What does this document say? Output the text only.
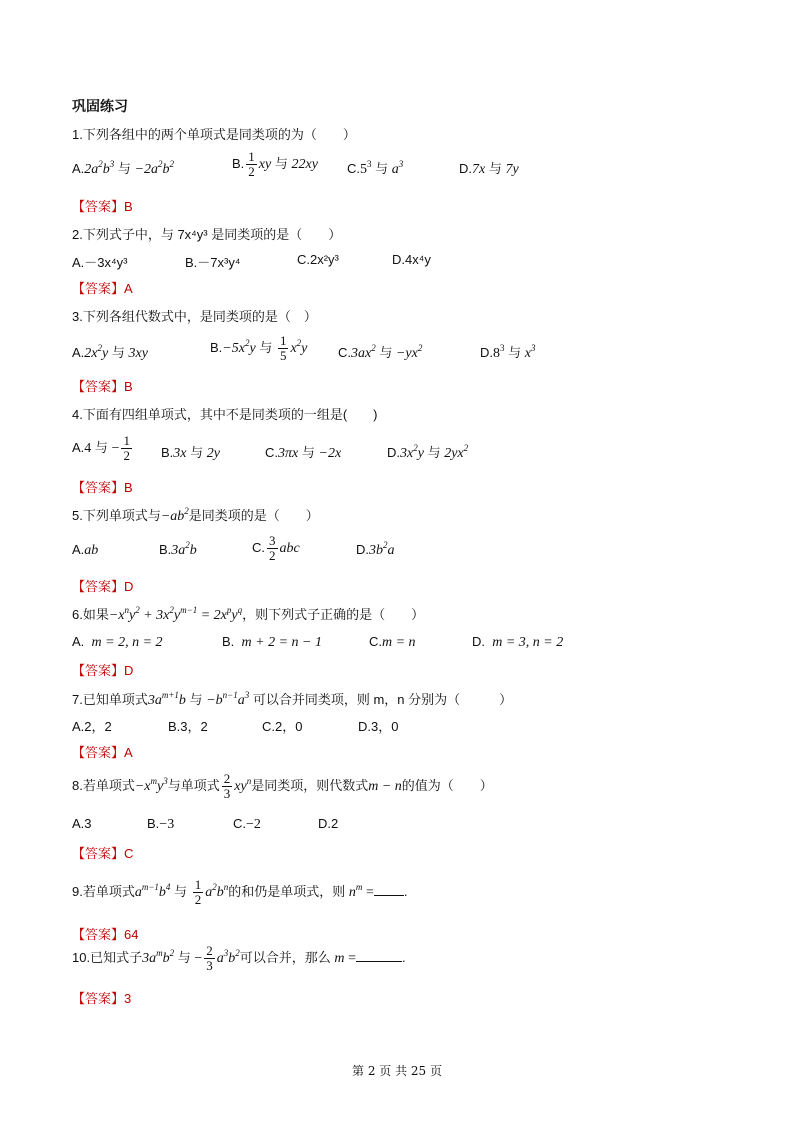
巩固练习
1.下列各组中的两个单项式是同类项的为（　　）
$A.2a^2b^3$ 与 $-2a^2b^2$	B. $\frac{1}{2}$ xy 与 22xy $C.5^3$ 与 $a^3$	D.7x 与 7y
【答案】B
2.下列式子中，与 7x⁴y³ 是同类项的是（　　）
A.－3x⁴y³	B.－7x³y⁴	C.2x²y³	D.4x⁴y
【答案】A
3.下列各组代数式中，是同类项的是（　）
$A.2x^2y$ 与 3xy	$B.-5x^2y$ 与 $\frac{1}{5} x^2y$ $C.3ax^2$ 与 $-yx^2$	$D.8^3$ 与 $x^3$
【答案】B
4.下面有四组单项式，其中不是同类项的一组是(　　)
A.4 与 − $\frac{1}{2} B.3x$ 与 2y	C.3πx 与 −2x	$D.3x^2y$ 与 $2yx^2$
【答案】B
5.下列单项式与$-ab^2$是同类项的是（　　）
A.ab	$B.3a^2b$	C. $\frac{3}{2}$ abc	$D.3b^2a$
【答案】D
6.如果$-x^ny^2 + 3x^2y^{m-1} = 2x^py^q$，则下列式子正确的是（　　）
A. m = 2, n = 2	B. m + 2 = n − 1	C.m = n	D. m = 3, n = 2
【答案】D
7.已知单项式$3a^{m+1}b$ 与 $-b^{n-1}a^3$ 可以合并同类项，则 m，n 分别为（　　　）
A.2，2	B.3，2	C.2，0	D.3，0
【答案】A
8.若单项式$-x^my^3$与单项式 $\frac{2}{3} xy^n$是同类项，则代数式m − n的值为（　　）
A.3	B.−3	C.−2	D.2
【答案】C
9.若单项式$a^{m-1}b^4$ 与 $\frac{1}{2} a^2b^n$的和仍是单项式，则 $n^m$ = .
【答案】64
10.已知式子$3a^mb^2$ 与 − $\frac{2}{3} a^3b^2$可以合并，那么 m =	.
【答案】3
第 2 页 共 25 页
